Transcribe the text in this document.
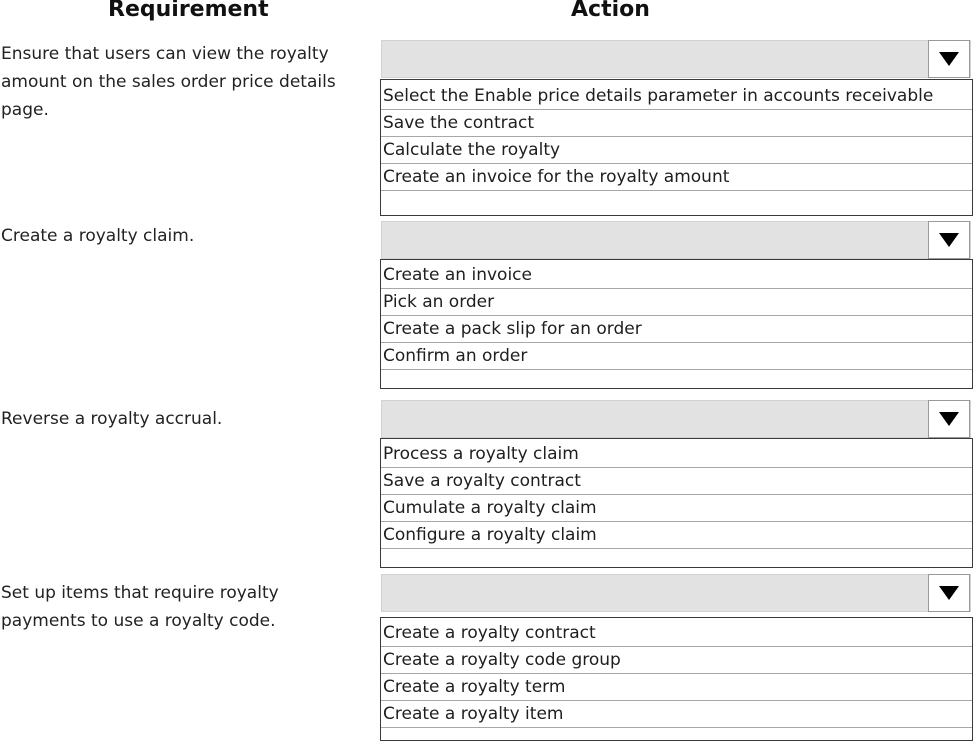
Requirement	Action

Ensure that users can view the royalty
amount on the sales order price details
page.

Select the Enable price details parameter in accounts receivable
Save the contract
Calculate the royalty
Create an invoice for the royalty amount

Create a royalty claim.

Create an invoice
Pick an order
Create a pack slip for an order
Confirm an order

Reverse a royalty accrual.

Process a royalty claim
Save a royalty contract
Cumulate a royalty claim
Configure a royalty claim

Set up items that require royalty
payments to use a royalty code.

Create a royalty contract
Create a royalty code group
Create a royalty term
Create a royalty item
